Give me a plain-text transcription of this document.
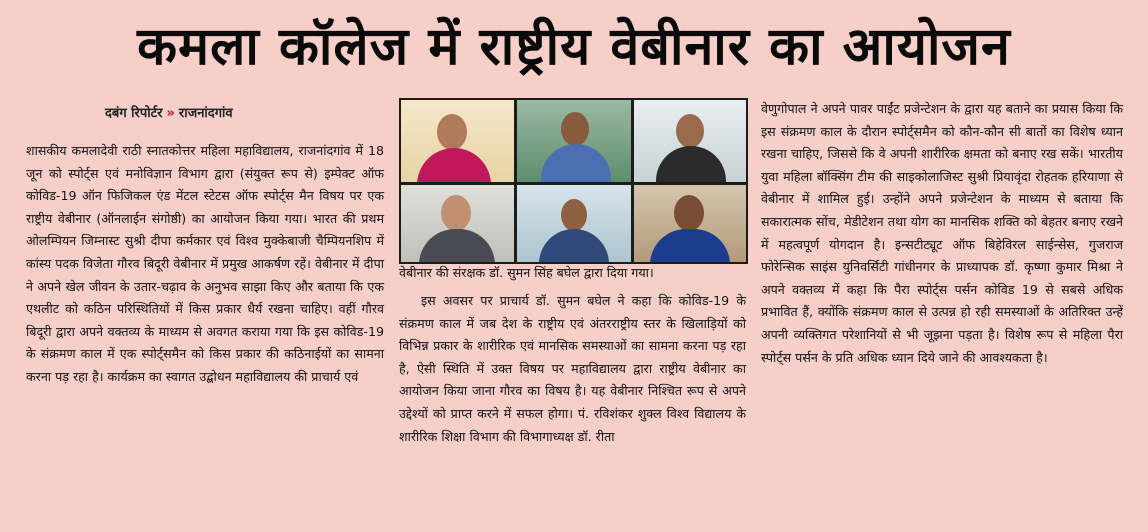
कमला कॉलेज में राष्ट्रीय वेबीनार का आयोजन
दबंग रिपोर्टर » राजनांदगांव

शासकीय कमलादेवी राठी स्नातकोत्तर महिला महाविद्यालय, राजनांदगांव में 18 जून को स्पोर्ट्स एवं मनोविज्ञान विभाग द्वारा (संयुक्त रूप से) इम्पेक्ट ऑफ कोविड-19 ऑन फिजिकल एंड मेंटल स्टेटस ऑफ स्पोर्ट्स मैन विषय पर एक राष्ट्रीय वेबीनार (ऑनलाईन संगोष्ठी) का आयोजन किया गया। भारत की प्रथम ओलम्पियन जिम्नास्ट सुश्री दीपा कर्मकार एवं विश्व मुक्केबाजी चैम्पियनशिप में कांस्य पदक विजेता गौरव बिदूरी वेबीनार में प्रमुख आकर्षण रहें। वेबीनार में दीपा ने अपने खेल जीवन के उतार-चढ़ाव के अनुभव साझा किए और बताया कि एक एथलीट को कठिन परिस्थितियों में किस प्रकार धैर्य रखना चाहिए। वहीं गौरव बिदूरी द्वारा अपने वक्तव्य के माध्यम से अवगत कराया गया कि इस कोविड-19 के संक्रमण काल में एक स्पोर्ट्समैन को किस प्रकार की कठिनाईयों का सामना करना पड़ रहा है। कार्यक्रम का स्वागत उद्बोधन महाविद्यालय की प्राचार्य एवं

वेबीनार की संरक्षक डॉ. सुमन सिंह बघेल द्वारा दिया गया।

इस अवसर पर प्राचार्य डॉ. सुमन बघेल ने कहा कि कोविड-19 के संक्रमण काल में जब देश के राष्ट्रीय एवं अंतरराष्ट्रीय स्तर के खिलाड़ियों को विभिन्न प्रकार के शारीरिक एवं मानसिक समस्याओं का सामना करना पड़ रहा है, ऐसी स्थिति में उक्त विषय पर महाविद्यालय द्वारा राष्ट्रीय वेबीनार का आयोजन किया जाना गौरव का विषय है। यह वेबीनार निश्चित रूप से अपने उद्देश्यों को प्राप्त करने में सफल होगा। पं. रविशंकर शुक्ल विश्व विद्यालय के शारीरिक शिक्षा विभाग की विभागाध्यक्ष डॉ. रीता

वेणुगोपाल ने अपने पावर पाईंट प्रजेन्टेशन के द्वारा यह बताने का प्रयास किया कि इस संक्रमण काल के दौरान स्पोर्ट्समैन को कौन-कौन सी बातों का विशेष ध्यान रखना चाहिए, जिससे कि वे अपनी शारीरिक क्षमता को बनाए रख सकें। भारतीय युवा महिला बॉक्सिंग टीम की साइकोलाजिस्ट सुश्री प्रियावृंदा रोहतक हरियाणा से वेबीनार में शामिल हुई। उन्होंने अपने प्रजेन्टेशन के माध्यम से बताया कि सकारात्मक सोंच, मेडीटेशन तथा योग का मानसिक शक्ति को बेहतर बनाए रखने में महत्वपूर्ण योगदान है। इन्सटीट्यूट ऑफ बिहेविरल साईन्सेस, गुजराज फोरेन्सिक साइंस युनिवर्सिटी गांधीनगर के प्राध्यापक डॉ. कृष्णा कुमार मिश्रा ने अपने वक्तव्य में कहा कि पैरा स्पोर्ट्स पर्सन कोविड 19 से सबसे अधिक प्रभावित हैं, क्योंकि संक्रमण काल से उत्पन्न हो रही समस्याओं के अतिरिक्त उन्हें अपनी व्यक्तिगत परेशानियों से भी जूझना पड़ता है। विशेष रूप से महिला पैरा स्पोर्ट्स पर्सन के प्रति अधिक ध्यान दिये जाने की आवश्यकता है।
